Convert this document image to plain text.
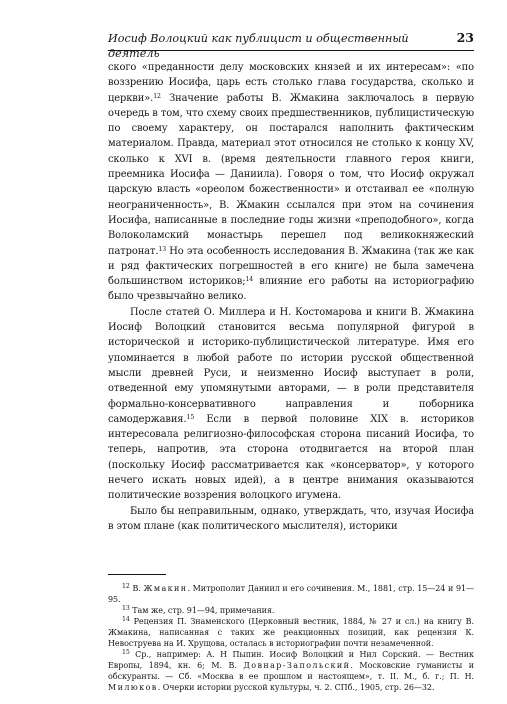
Иосиф Волоцкий как публицист и общественный деятель
23

ского «преданности делу московских князей и их интересам»: «по воззрению Иосифа, царь есть столько глава государства, сколько и церкви».$^{12}$ Значение работы В. Жмакина заключалось в первую очередь в том, что схему своих предшественников, публицистическую по своему характеру, он постарался наполнить фактическим материалом. Правда, материал этот относился не столько к концу XV, сколько к XVI в. (время деятельности главного героя книги, преемника Иосифа — Даниила). Говоря о том, что Иосиф окружал царскую власть «ореолом божественности» и отстаивал ее «полную неограниченность», В. Жмакин ссылался при этом на сочинения Иосифа, написанные в последние годы жизни «преподобного», когда Волоколамский монастырь перешел под великокняжеский патронат.$^{13}$ Но эта особенность исследования В. Жмакина (так же как и ряд фактических погрешностей в его книге) не была замечена большинством историков;$^{14}$ влияние его работы на историографию было чрезвычайно велико.

После статей О. Миллера и Н. Костомарова и книги В. Жмакина Иосиф Волоцкий становится весьма популярной фигурой в исторической и историко-публицистической литературе. Имя его упоминается в любой работе по истории русской общественной мысли древней Руси, и неизменно Иосиф выступает в роли, отведенной ему упомянутыми авторами, — в роли представителя формально-консервативного направления и поборника самодержавия.$^{15}$ Если в первой половине XIX в. историков интересовала религиозно-философская сторона писаний Иосифа, то теперь, напротив, эта сторона отодвигается на второй план (поскольку Иосиф рассматривается как «консерватор», у которого нечего искать новых идей), а в центре внимания оказываются политические воззрения волоцкого игумена.

Было бы неправильным, однако, утверждать, что, изучая Иосифа в этом плане (как политического мыслителя), историки

$^{12}$ В. Жмакин. Митрополит Даниил и его сочинения. М., 1881, стр. 15—24 и 91—95.

$^{13}$ Там же, стр. 91—94, примечания.

$^{14}$ Рецензия П. Знаменского (Церковный вестник, 1884, № 27 и сл.) на книгу В. Жмакина, написанная с таких же реакционных позиций, как рецензия К. Невоструева на И. Хрущова, осталась в историографии почти незамеченной.

$^{15}$ Ср., например: А. Н Пыпин. Иосиф Волоцкий и Нил Сорский. — Вестник Европы, 1894, кн. 6; М. В. Довнар-Запольский. Московские гуманисты и обскуранты. — Сб. «Москва в ее прошлом и настоящем», т. II. М., б. г.; П. Н. Милюков. Очерки истории русской культуры, ч. 2. СПб., 1905, стр. 26—32.
